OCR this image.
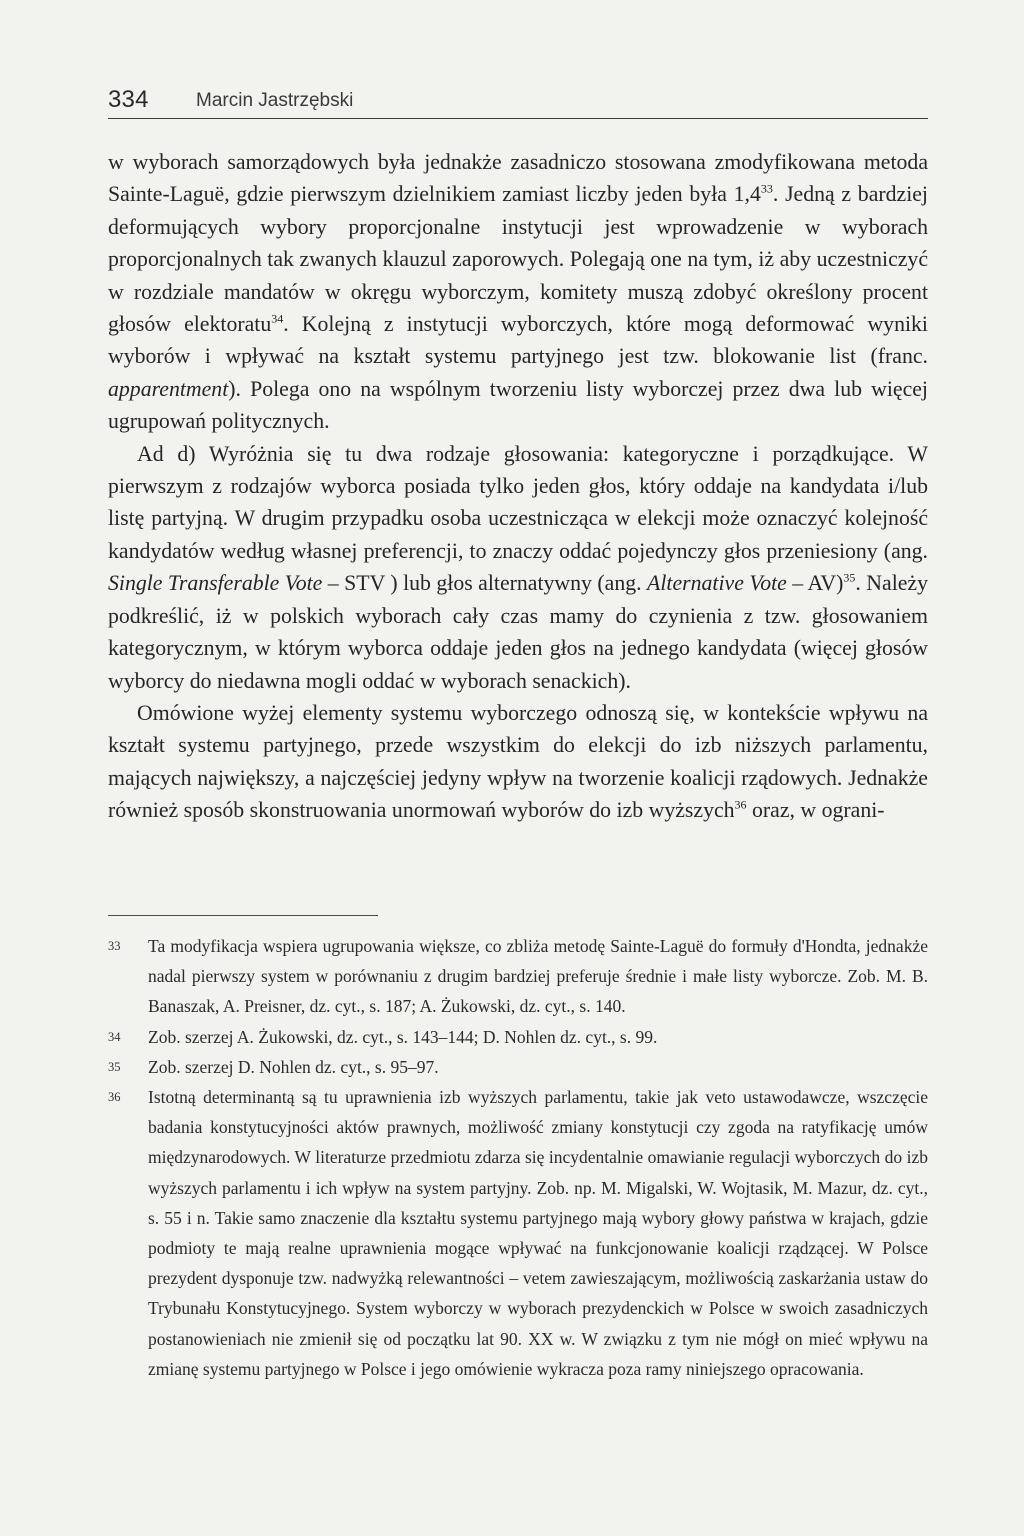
334 Marcin Jastrzębski

w wyborach samorządowych była jednakże zasadniczo stosowana zmodyfikowana metoda Sainte-Laguë, gdzie pierwszym dzielnikiem zamiast liczby jeden była $1,4^{33}$. Jedną z bardziej deformujących wybory proporcjonalne instytucji jest wprowadzenie w wyborach proporcjonalnych tak zwanych klauzul zaporowych. Polegają one na tym, iż aby uczestniczyć w rozdziale mandatów w okręgu wyborczym, komitety muszą zdobyć określony procent głosów elektoratu$^{34}$. Kolejną z instytucji wyborczych, które mogą deformować wyniki wyborów i wpływać na kształt systemu partyjnego jest tzw. blokowanie list (franc. apparentment). Polega ono na wspólnym tworzeniu listy wyborczej przez dwa lub więcej ugrupowań politycznych.

Ad d) Wyróżnia się tu dwa rodzaje głosowania: kategoryczne i porządkujące. W pierwszym z rodzajów wyborca posiada tylko jeden głos, który oddaje na kandydata i/lub listę partyjną. W drugim przypadku osoba uczestnicząca w elekcji może oznaczyć kolejność kandydatów według własnej preferencji, to znaczy oddać pojedynczy głos przeniesiony (ang. Single Transferable Vote – STV ) lub głos alternatywny (ang. Alternative Vote – AV)$^{35}$. Należy podkreślić, iż w polskich wyborach cały czas mamy do czynienia z tzw. głosowaniem kategorycznym, w którym wyborca oddaje jeden głos na jednego kandydata (więcej głosów wyborcy do niedawna mogli oddać w wyborach senackich).

Omówione wyżej elementy systemu wyborczego odnoszą się, w kontekście wpływu na kształt systemu partyjnego, przede wszystkim do elekcji do izb niższych parlamentu, mających największy, a najczęściej jedyny wpływ na tworzenie koalicji rządowych. Jednakże również sposób skonstruowania unormowań wyborów do izb wyższych$^{36}$ oraz, w ograni-

33	Ta modyfikacja wspiera ugrupowania większe, co zbliża metodę Sainte-Laguë do formuły d'Hondta, jednakże nadal pierwszy system w porównaniu z drugim bardziej preferuje średnie i małe listy wyborcze. Zob. M. B. Banaszak, A. Preisner, dz. cyt., s. 187; A. Żukowski, dz. cyt., s. 140.
34	Zob. szerzej A. Żukowski, dz. cyt., s. 143–144; D. Nohlen dz. cyt., s. 99.
35	Zob. szerzej D. Nohlen dz. cyt., s. 95–97.
36	Istotną determinantą są tu uprawnienia izb wyższych parlamentu, takie jak veto ustawodawcze, wszczęcie badania konstytucyjności aktów prawnych, możliwość zmiany konstytucji czy zgoda na ratyfikację umów międzynarodowych. W literaturze przedmiotu zdarza się incydentalnie omawianie regulacji wyborczych do izb wyższych parlamentu i ich wpływ na system partyjny. Zob. np. M. Migalski, W. Wojtasik, M. Mazur, dz. cyt., s. 55 i n. Takie samo znaczenie dla kształtu systemu partyjnego mają wybory głowy państwa w krajach, gdzie podmioty te mają realne uprawnienia mogące wpływać na funkcjonowanie koalicji rządzącej. W Polsce prezydent dysponuje tzw. nadwyżką relewantności – vetem zawieszającym, możliwością zaskarżania ustaw do Trybunału Konstytucyjnego. System wyborczy w wyborach prezydenckich w Polsce w swoich zasadniczych postanowieniach nie zmienił się od początku lat 90. XX w. W związku z tym nie mógł on mieć wpływu na zmianę systemu partyjnego w Polsce i jego omówienie wykracza poza ramy niniejszego opracowania.
